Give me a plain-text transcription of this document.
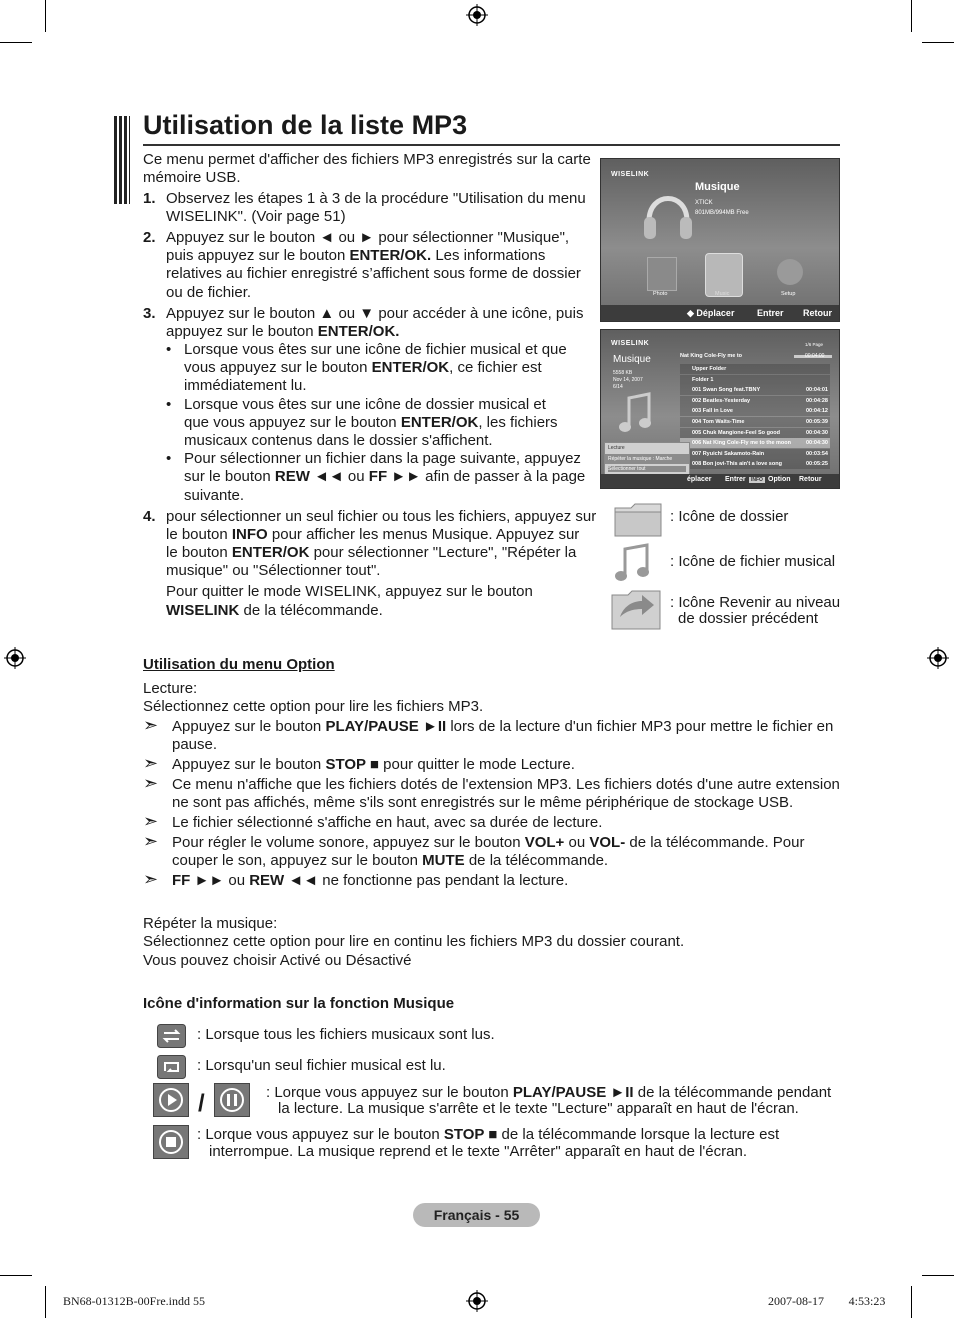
Utilisation de la liste MP3
Ce menu permet d'afficher des fichiers MP3 enregistrés sur la carte
mémoire USB.
1. Observez les étapes 1 à 3 de la procédure "Utilisation du menu
WISELINK". (Voir page 51)
2. Appuyez sur le bouton ◄ ou ► pour sélectionner "Musique",
puis appuyez sur le bouton ENTER/OK. Les informations
relatives au fichier enregistré s’affichent sous forme de dossier
ou de fichier.
3. Appuyez sur le bouton ▲ ou ▼ pour accéder à une icône, puis
appuyez sur le bouton ENTER/OK.
• Lorsque vous êtes sur une icône de fichier musical et que
vous appuyez sur le bouton ENTER/OK, ce fichier est
immédiatement lu.
• Lorsque vous êtes sur une icône de dossier musical et
que vous appuyez sur le bouton ENTER/OK, les fichiers
musicaux contenus dans le dossier s'affichent.
• Pour sélectionner un fichier dans la page suivante, appuyez
sur le bouton REW ◄◄ ou FF ►► afin de passer à la page
suivante.
4. pour sélectionner un seul fichier ou tous les fichiers, appuyez sur
le bouton INFO pour afficher les menus Musique. Appuyez sur
le bouton ENTER/OK pour sélectionner "Lecture", "Répéter la
musique" ou "Sélectionner tout".
Pour quitter le mode WISELINK, appuyez sur le bouton
WISELINK de la télécommande.
WISELINK
Musique
XTICK
801MB/994MB Free
Photo	Music	Setup
◆ Déplacer	Entrer Retour
WISELINK
Musique
5558 KB
Nov 14, 2007
6/14
1/6 Page
Nat King Cole-Fly me to	00:04:00
Upper Folder
Folder 1
001 Swan Song feat.TBNY	00:04:01
002 Beatles-Yesterday	00:04:28
003 Fall in Love	00:04:12
004 Tom Waits-Time	00:05:39
005 Chuk Mangione-Feel So good	00:04:30
006 Nat King Cole-Fly me to the moon	00:04:30
007 Ryuichi Sakamoto-Rain	00:03:54
008 Bon jovi-This ain't a love song	00:05:25
Lecture
Répéter la musique : Marche
Sélectionner tout
éplacer Entrer	INFO Option Retour
: Icône de dossier
: Icône de fichier musical
: Icône Revenir au niveau
de dossier précédent
Utilisation du menu Option
Lecture:
Sélectionnez cette option pour lire les fichiers MP3.
➣ Appuyez sur le bouton PLAY/PAUSE ►II lors de la lecture d'un fichier MP3 pour mettre le fichier en
pause.
➣ Appuyez sur le bouton STOP ■ pour quitter le mode Lecture.
➣ Ce menu n'affiche que les fichiers dotés de l'extension MP3. Les fichiers dotés d'une autre extension
ne sont pas affichés, même s'ils sont enregistrés sur le même périphérique de stockage USB.
➣ Le fichier sélectionné s'affiche en haut, avec sa durée de lecture.
➣ Pour régler le volume sonore, appuyez sur le bouton VOL+ ou VOL- de la télécommande. Pour
couper le son, appuyez sur le bouton MUTE de la télécommande.
➣ FF ►► ou REW ◄◄ ne fonctionne pas pendant la lecture.
Répéter la musique:
Sélectionnez cette option pour lire en continu les fichiers MP3 du dossier courant.
Vous pouvez choisir Activé ou Désactivé
Icône d'information sur la fonction Musique
: Lorsque tous les fichiers musicaux sont lus.
: Lorsqu'un seul fichier musical est lu.
/	: Lorque vous appuyez sur le bouton PLAY/PAUSE ►II de la télécommande pendant
la lecture. La musique s'arrête et le texte "Lecture" apparaît en haut de l'écran.
: Lorque vous appuyez sur le bouton STOP ■ de la télécommande lorsque la lecture est
interrompue. La musique reprend et le texte "Arrêter" apparaît en haut de l'écran.
Français - 55
BN68-01312B-00Fre.indd 55	2007-08-17 ￿￿ 4:53:23
